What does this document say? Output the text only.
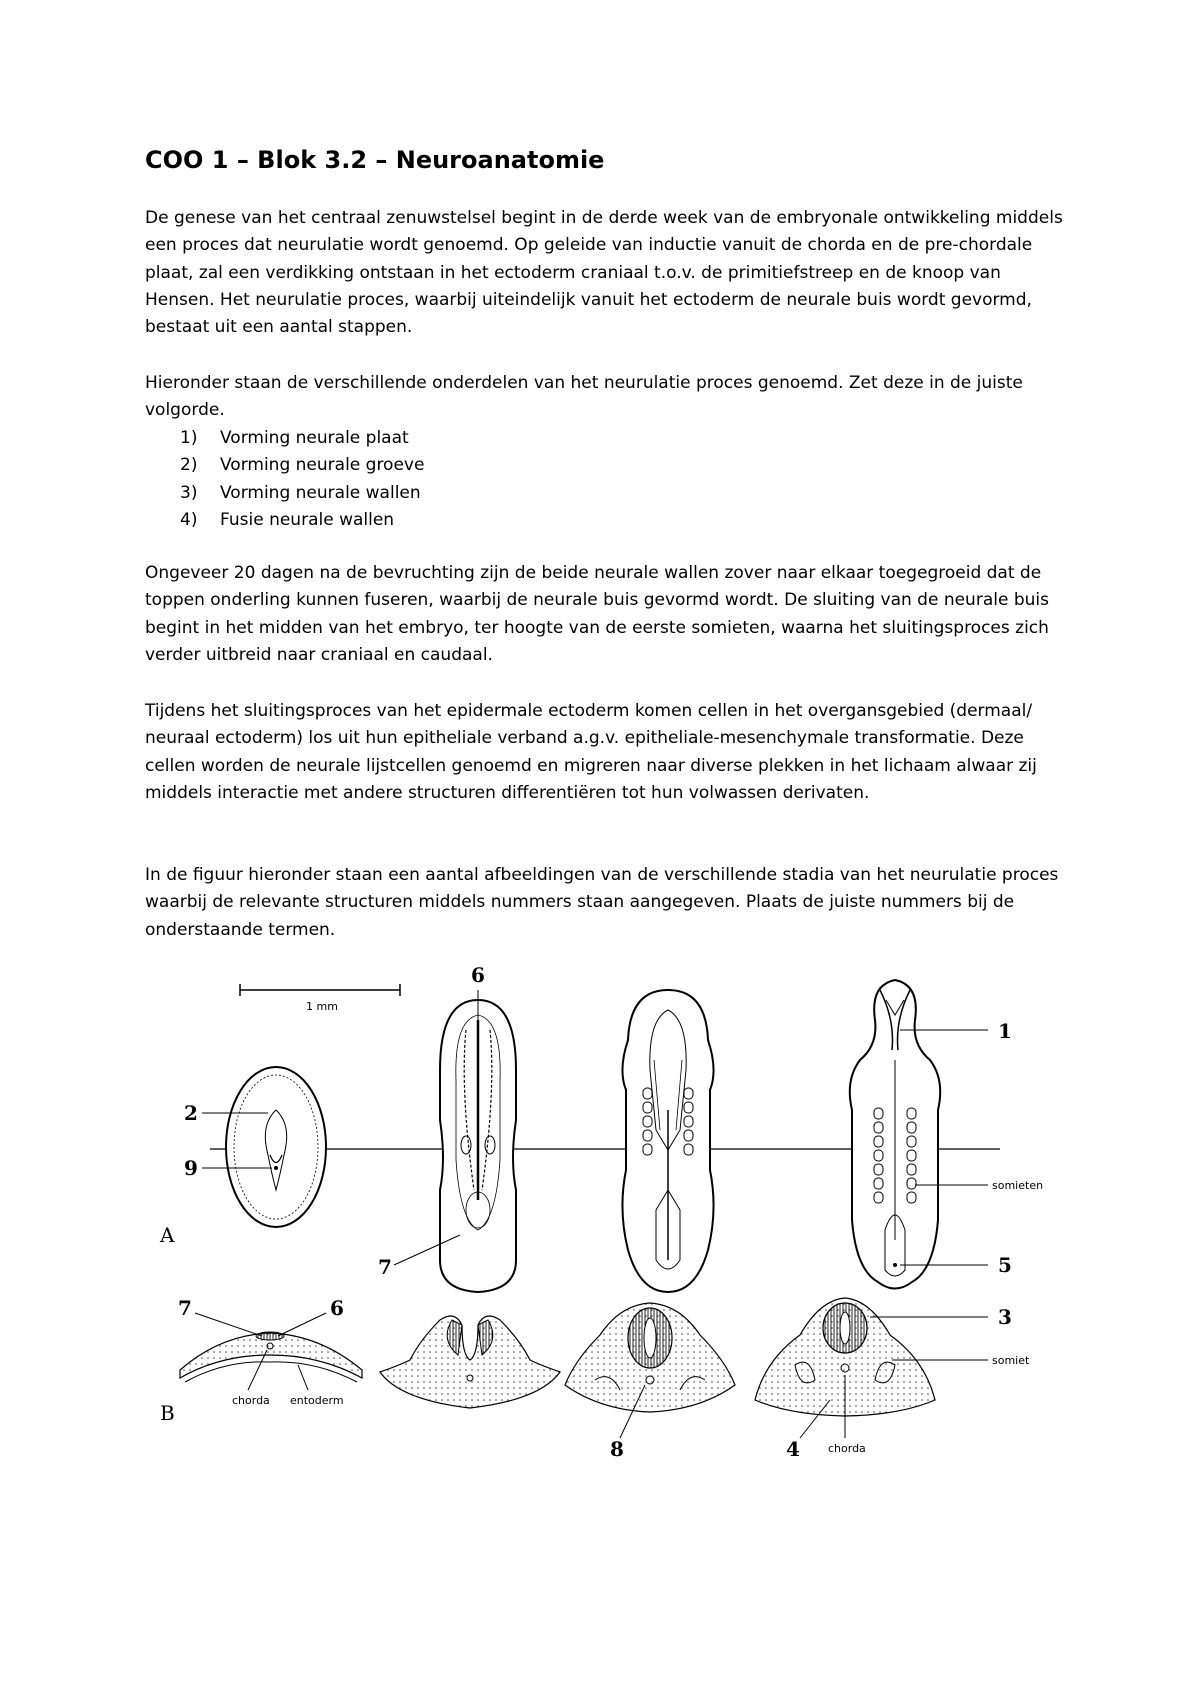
COO 1 – Blok 3.2 – Neuroanatomie

De genese van het centraal zenuwstelsel begint in de derde week van de embryonale ontwikkeling middels een proces dat neurulatie wordt genoemd. Op geleide van inductie vanuit de chorda en de pre-chordale plaat, zal een verdikking ontstaan in het ectoderm craniaal t.o.v. de primitiefstreep en de knoop van Hensen. Het neurulatie proces, waarbij uiteindelijk vanuit het ectoderm de neurale buis wordt gevormd, bestaat uit een aantal stappen.

Hieronder staan de verschillende onderdelen van het neurulatie proces genoemd. Zet deze in de juiste volgorde.

1)	Vorming neurale plaat
2)	Vorming neurale groeve
3)	Vorming neurale wallen
4)	Fusie neurale wallen

Ongeveer 20 dagen na de bevruchting zijn de beide neurale wallen zover naar elkaar toegegroeid dat de toppen onderling kunnen fuseren, waarbij de neurale buis gevormd wordt. De sluiting van de neurale buis begint in het midden van het embryo, ter hoogte van de eerste somieten, waarna het sluitingsproces zich verder uitbreid naar craniaal en caudaal.

Tijdens het sluitingsproces van het epidermale ectoderm komen cellen in het overgansgebied (dermaal/ neuraal ectoderm) los uit hun epitheliale verband a.g.v. epitheliale-mesenchymale transformatie. Deze cellen worden de neurale lijstcellen genoemd en migreren naar diverse plekken in het lichaam alwaar zij middels interactie met andere structuren differentiëren tot hun volwassen derivaten.

In de figuur hieronder staan een aantal afbeeldingen van de verschillende stadia van het neurulatie proces waarbij de relevante structuren middels nummers staan aangegeven. Plaats de juiste nummers bij de onderstaande termen.

1 mm
2
9
A
6
7
1
somieten
5
7	6
chorda entoderm
B
8
3
somiet
4	chorda
